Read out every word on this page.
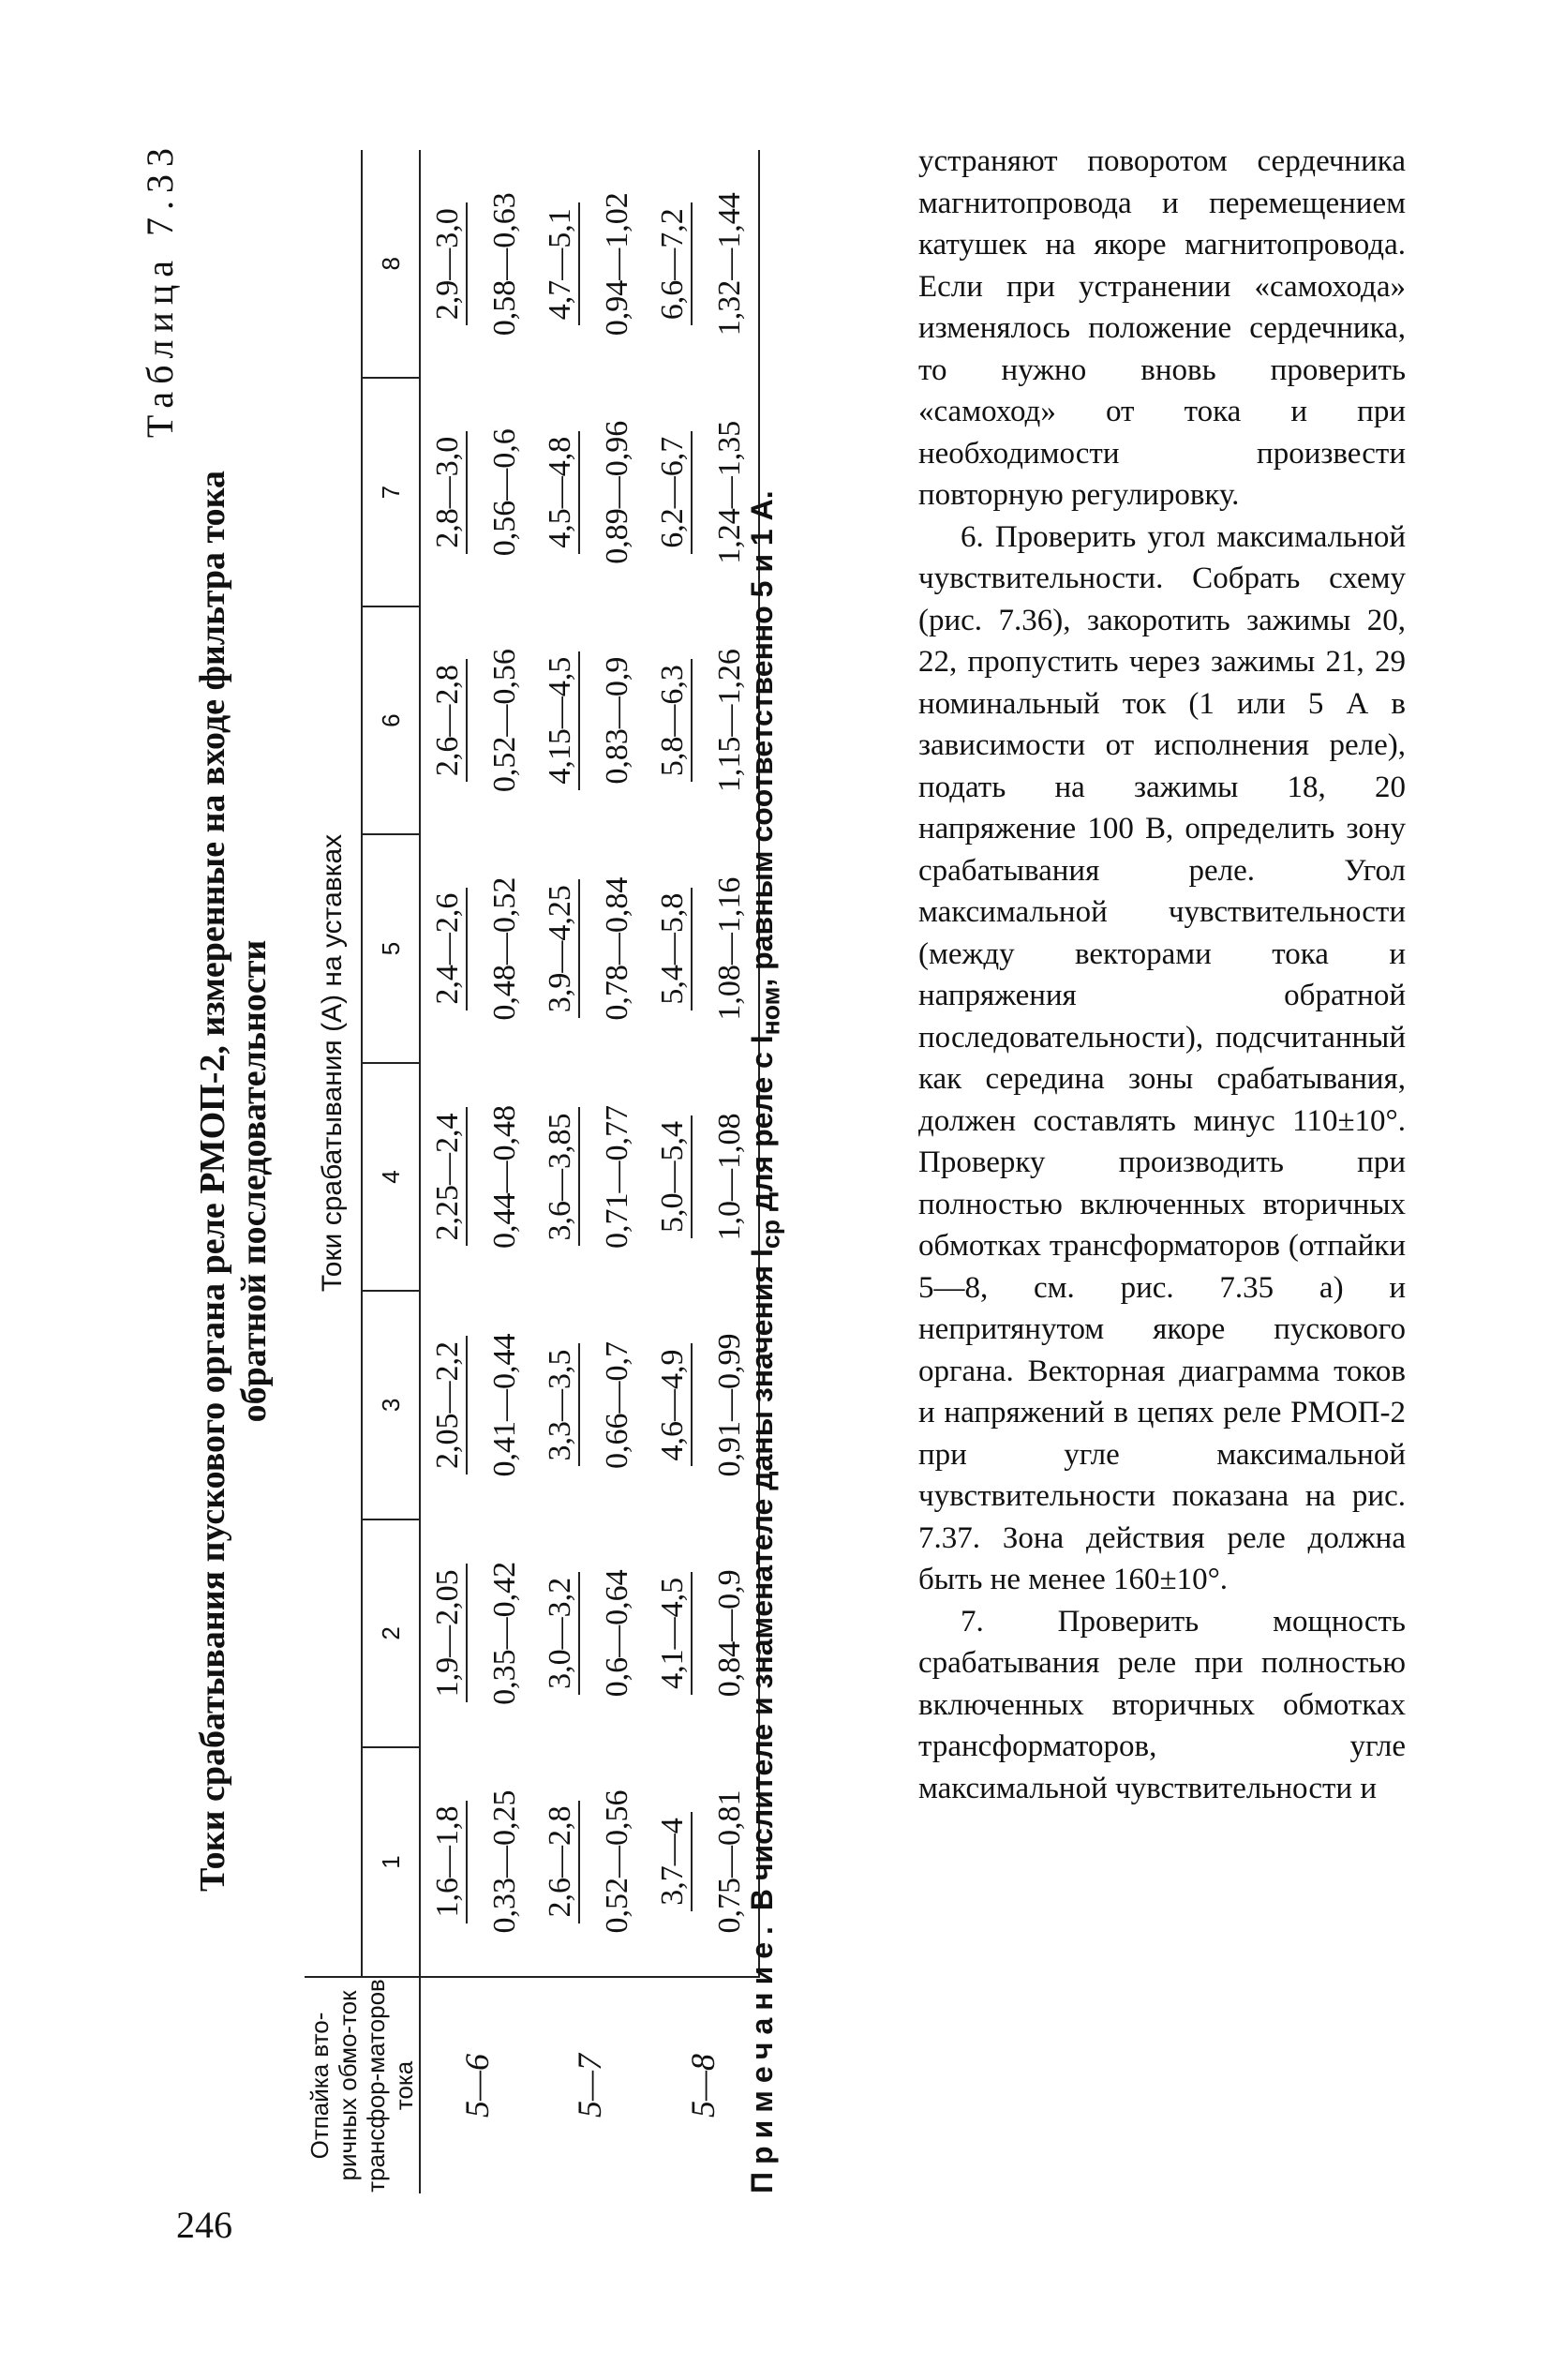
246
Таблица 7.33
Токи срабатывания пускового органа реле РМОП-2, измеренные на входе фильтра тока обратной последовательности
Отпайка вто-ричных обмо-ток трансфор-маторов тока	Токи срабатывания (А) на уставках							
	1	2	3	4	5	6	7	8
5—6	1,6—1,8	1,9—2,05	2,05—2,2	2,25—2,4	2,4—2,6	2,6—2,8	2,8—3,0	2,9—3,0
	0,33—0,25	0,35—0,42	0,41—0,44	0,44—0,48	0,48—0,52	0,52—0,56	0,56—0,6	0,58—0,63
5—7	2,6—2,8	3,0—3,2	3,3—3,5	3,6—3,85	3,9—4,25	4,15—4,5	4,5—4,8	4,7—5,1
	0,52—0,56	0,6—0,64	0,66—0,7	0,71—0,77	0,78—0,84	0,83—0,9	0,89—0,96	0,94—1,02
5—8	3,7—4	4,1—4,5	4,6—4,9	5,0—5,4	5,4—5,8	5,8—6,3	6,2—6,7	6,6—7,2
	0,75—0,81	0,84—0,9	0,91—0,99	1,0—1,08	1,08—1,16	1,15—1,26	1,24—1,35	1,32—1,44
Примечание. В числителе и знаменателе даны значения $I_{ср}$ для реле с $I_{ном}$, равным соответственно 5 и 1 А.

устраняют поворотом сердечника магнитопровода и перемещением катушек на якоре магнитопровода. Если при устранении «самохода» изменялось положение сердечника, то нужно вновь проверить «самоход» от тока и при необходимости произвести повторную регулировку.

6. Проверить угол максимальной чувствительности. Собрать схему (рис. 7.36), закоротить зажимы 20, 22, пропустить через зажимы 21, 29 номинальный ток (1 или 5 А в зависимости от исполнения реле), подать на зажимы 18, 20 напряжение 100 В, определить зону срабатывания реле. Угол максимальной чувствительности (между векторами тока и напряжения обратной последовательности), подсчитанный как середина зоны срабатывания, должен составлять минус 110±10°. Проверку производить при полностью включенных вторичных обмотках трансформаторов (отпайки 5—8, см. рис. 7.35 а) и непритянутом якоре пускового органа. Векторная диаграмма токов и напряжений в цепях реле РМОП-2 при угле максимальной чувствительности показана на рис. 7.37. Зона действия реле должна быть не менее 160±10°.

7. Проверить мощность срабатывания реле при полностью включенных вторичных обмотках трансформаторов, угле максимальной чувствительности и
